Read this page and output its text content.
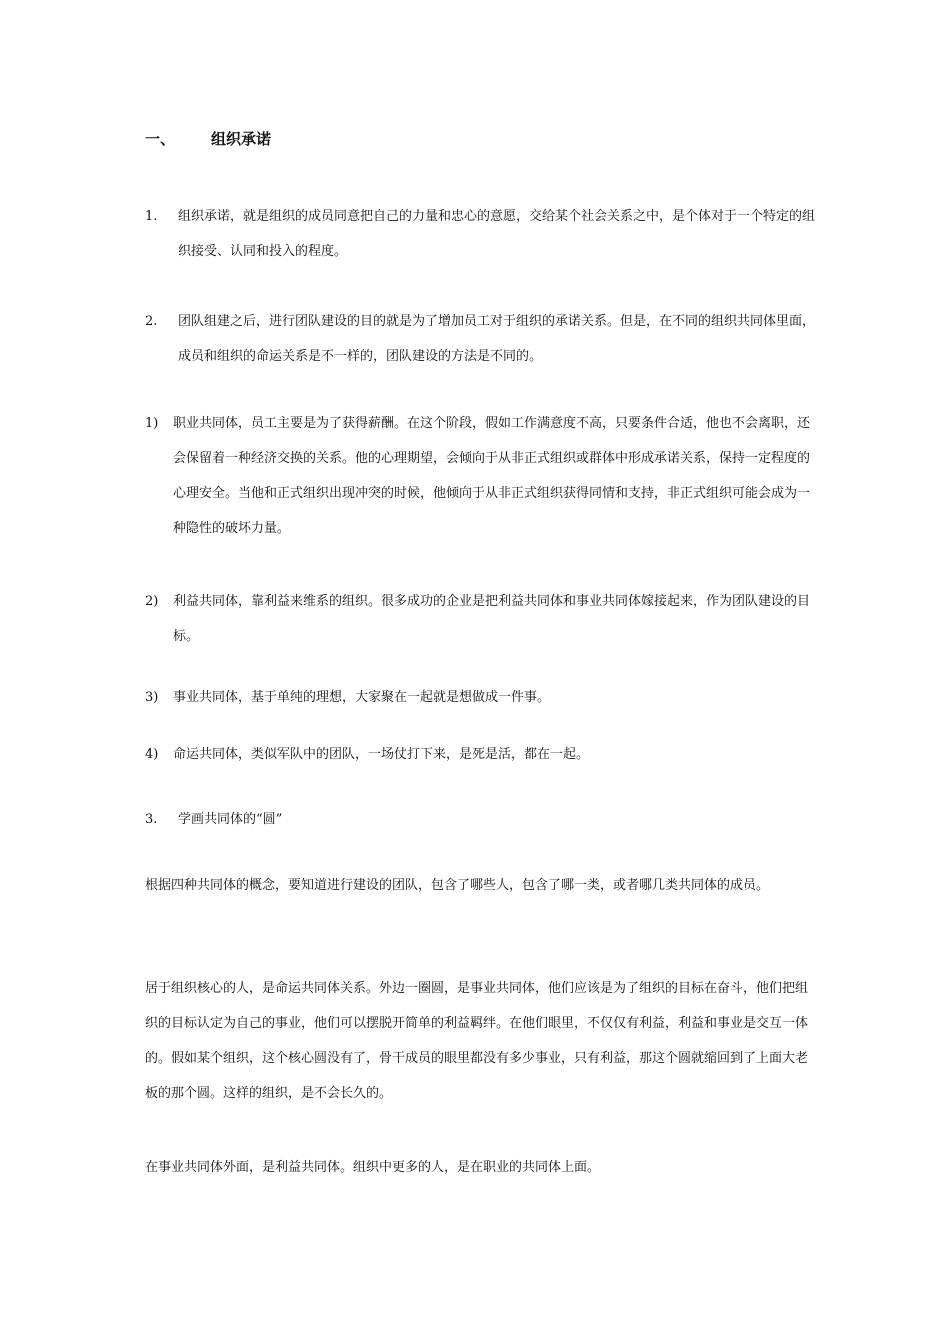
一、 组织承诺
1. 组织承诺，就是组织的成员同意把自己的力量和忠心的意愿，交给某个社会关系之中，是个体对于一个特定的组织接受、认同和投入的程度。
2. 团队组建之后，进行团队建设的目的就是为了增加员工对于组织的承诺关系。但是，在不同的组织共同体里面，成员和组织的命运关系是不一样的，团队建设的方法是不同的。
1) 职业共同体，员工主要是为了获得薪酬。在这个阶段，假如工作满意度不高，只要条件合适，他也不会离职，还会保留着一种经济交换的关系。他的心理期望，会倾向于从非正式组织或群体中形成承诺关系，保持一定程度的心理安全。当他和正式组织出现冲突的时候，他倾向于从非正式组织获得同情和支持，非正式组织可能会成为一种隐性的破坏力量。
2) 利益共同体，靠利益来维系的组织。很多成功的企业是把利益共同体和事业共同体嫁接起来，作为团队建设的目标。
3) 事业共同体，基于单纯的理想，大家聚在一起就是想做成一件事。
4) 命运共同体，类似军队中的团队，一场仗打下来，是死是活，都在一起。
3. 学画共同体的“圆”
根据四种共同体的概念，要知道进行建设的团队，包含了哪些人，包含了哪一类，或者哪几类共同体的成员。
居于组织核心的人，是命运共同体关系。外边一圈圆，是事业共同体，他们应该是为了组织的目标在奋斗，他们把组织的目标认定为自己的事业，他们可以摆脱开简单的利益羁绊。在他们眼里，不仅仅有利益，利益和事业是交互一体的。假如某个组织，这个核心圆没有了，骨干成员的眼里都没有多少事业，只有利益，那这个圆就缩回到了上面大老板的那个圆。这样的组织，是不会长久的。
在事业共同体外面，是利益共同体。组织中更多的人，是在职业的共同体上面。
